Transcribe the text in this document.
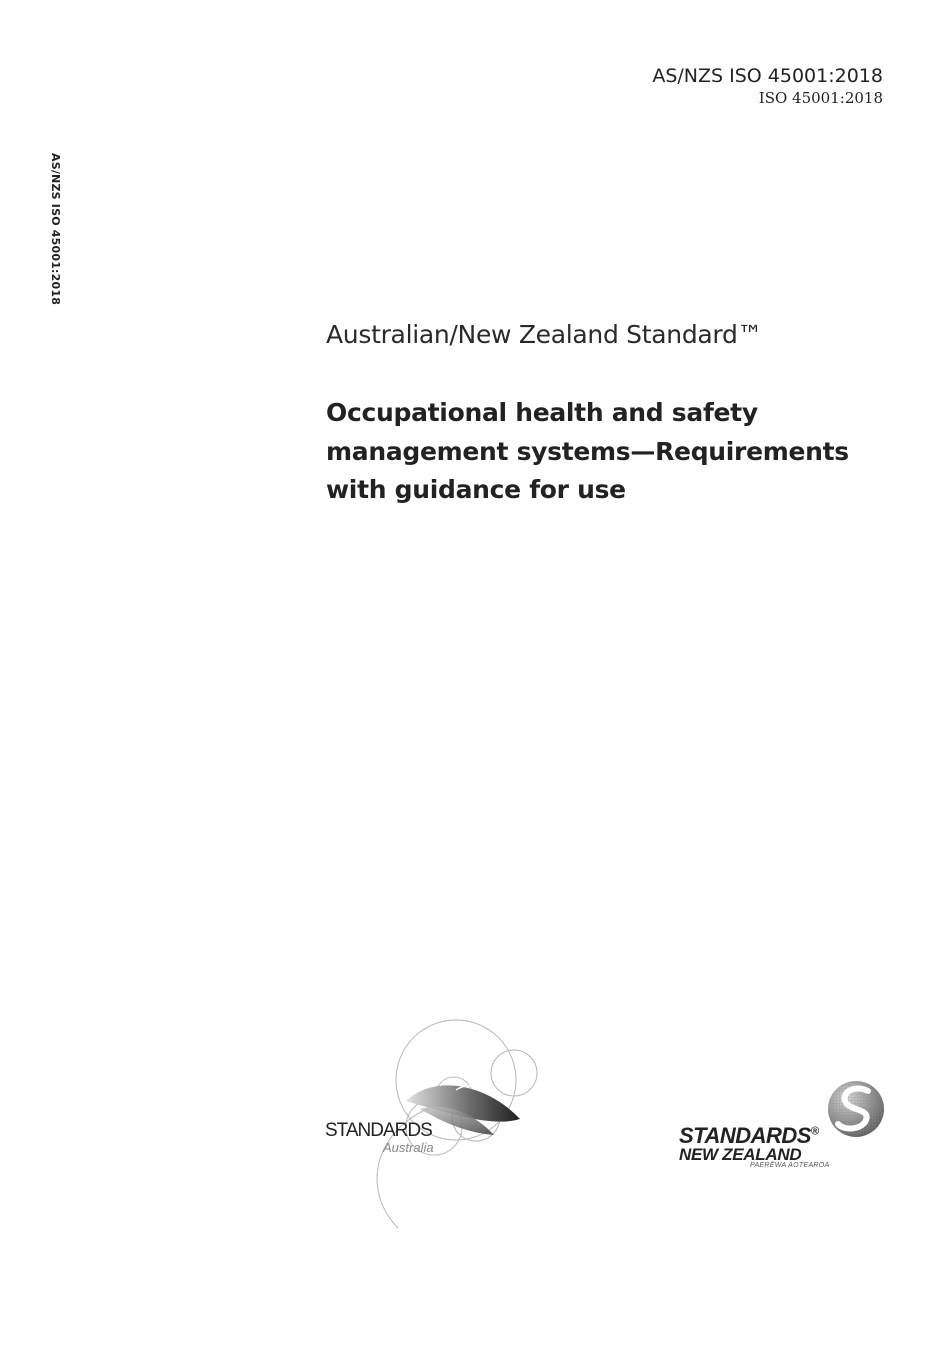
AS/NZS ISO 45001:2018
ISO 45001:2018
AS/NZS ISO 45001:2018
Australian/New Zealand Standard™
Occupational health and safety
management systems—Requirements
with guidance for use
STANDARDS
Australia	STANDARDS®
NEW ZEALAND
PAERĒWA AOTEAROA
